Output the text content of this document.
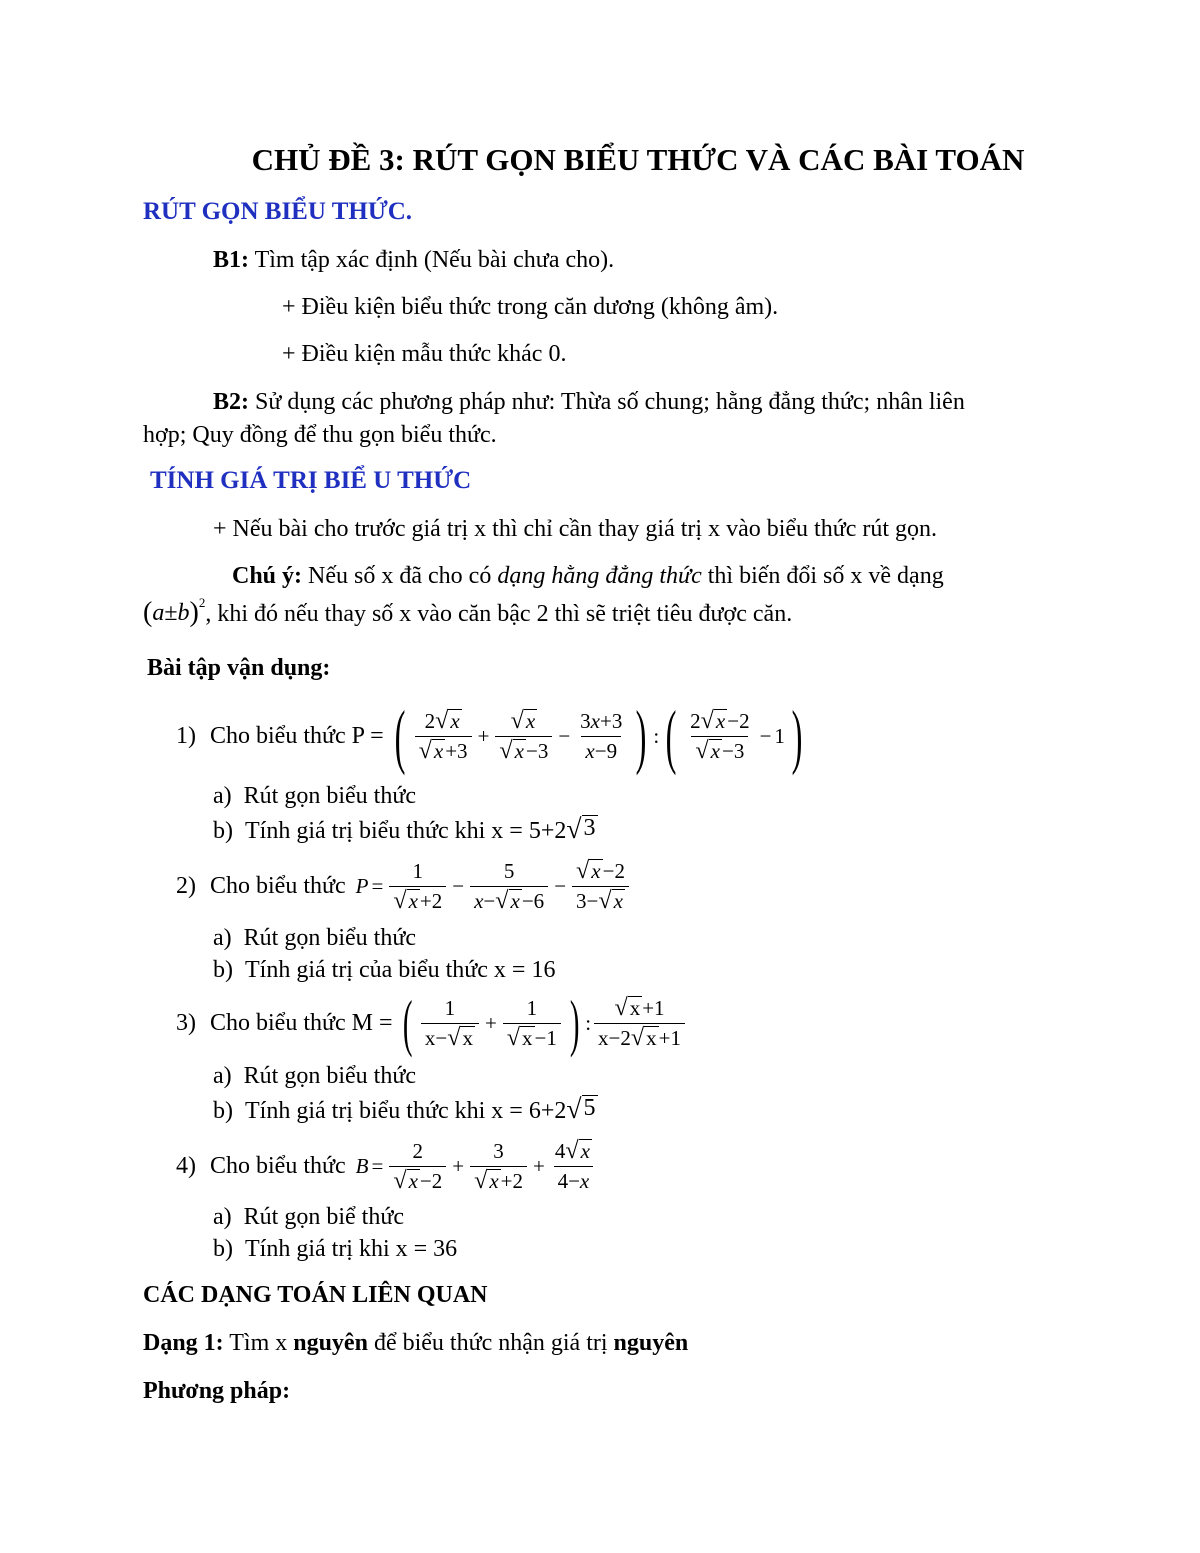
CHỦ ĐỀ 3: RÚT GỌN BIỂU THỨC VÀ CÁC BÀI TOÁN
RÚT GỌN BIỂU THỨC.
B1: Tìm tập xác định (Nếu bài chưa cho).
+ Điều kiện biểu thức trong căn dương (không âm).
+ Điều kiện mẫu thức khác 0.
B2: Sử dụng các phương pháp như: Thừa số chung; hằng đẳng thức; nhân liên
hợp; Quy đồng để thu gọn biểu thức.
TÍNH GIÁ TRỊ BIỂ U THỨC
+ Nếu bài cho trước giá trị x thì chỉ cần thay giá trị x vào biểu thức rút gọn.
Chú ý: Nếu số x đã cho có dạng hằng đẳng thức thì biến đổi số x về dạng
( a ± b )$^2$ , khi đó nếu thay số x vào căn bậc 2 thì sẽ triệt tiêu được căn.
Bài tập vận dụng:
1) Cho biểu thức P = ( $\frac{2 √ x}{√ x +3} + \frac{√ x}{√ x -3} - \frac{3x+3}{x-9}$ ) : ( $\frac{2 √ x -2}{√ x -3} - 1$ )
a) Rút gọn biểu thức
b) Tính giá trị biểu thức khi x = 5+2 √ 3
2) Cho biểu thức $P = \frac{1}{√ x +2} - \frac{5}{x- √ x -6} - \frac{√ x -2}{3- √ x}$
a) Rút gọn biểu thức
b) Tính giá trị của biểu thức x = 16
3) Cho biểu thức M = ( $\frac{1}{x- √ x} + \frac{1}{√ x -1}$ ) : $\frac{√ x +1}{x-2 √ x +1}$
a) Rút gọn biểu thức
b) Tính giá trị biểu thức khi x = 6+2 √ 5
4) Cho biểu thức $B = \frac{2}{√ x -2} + \frac{3}{√ x +2} + \frac{4 √ x}{4-x}$
a) Rút gọn biể thức
b) Tính giá trị khi x = 36
CÁC DẠNG TOÁN LIÊN QUAN
Dạng 1: Tìm x nguyên để biểu thức nhận giá trị nguyên
Phương pháp:
